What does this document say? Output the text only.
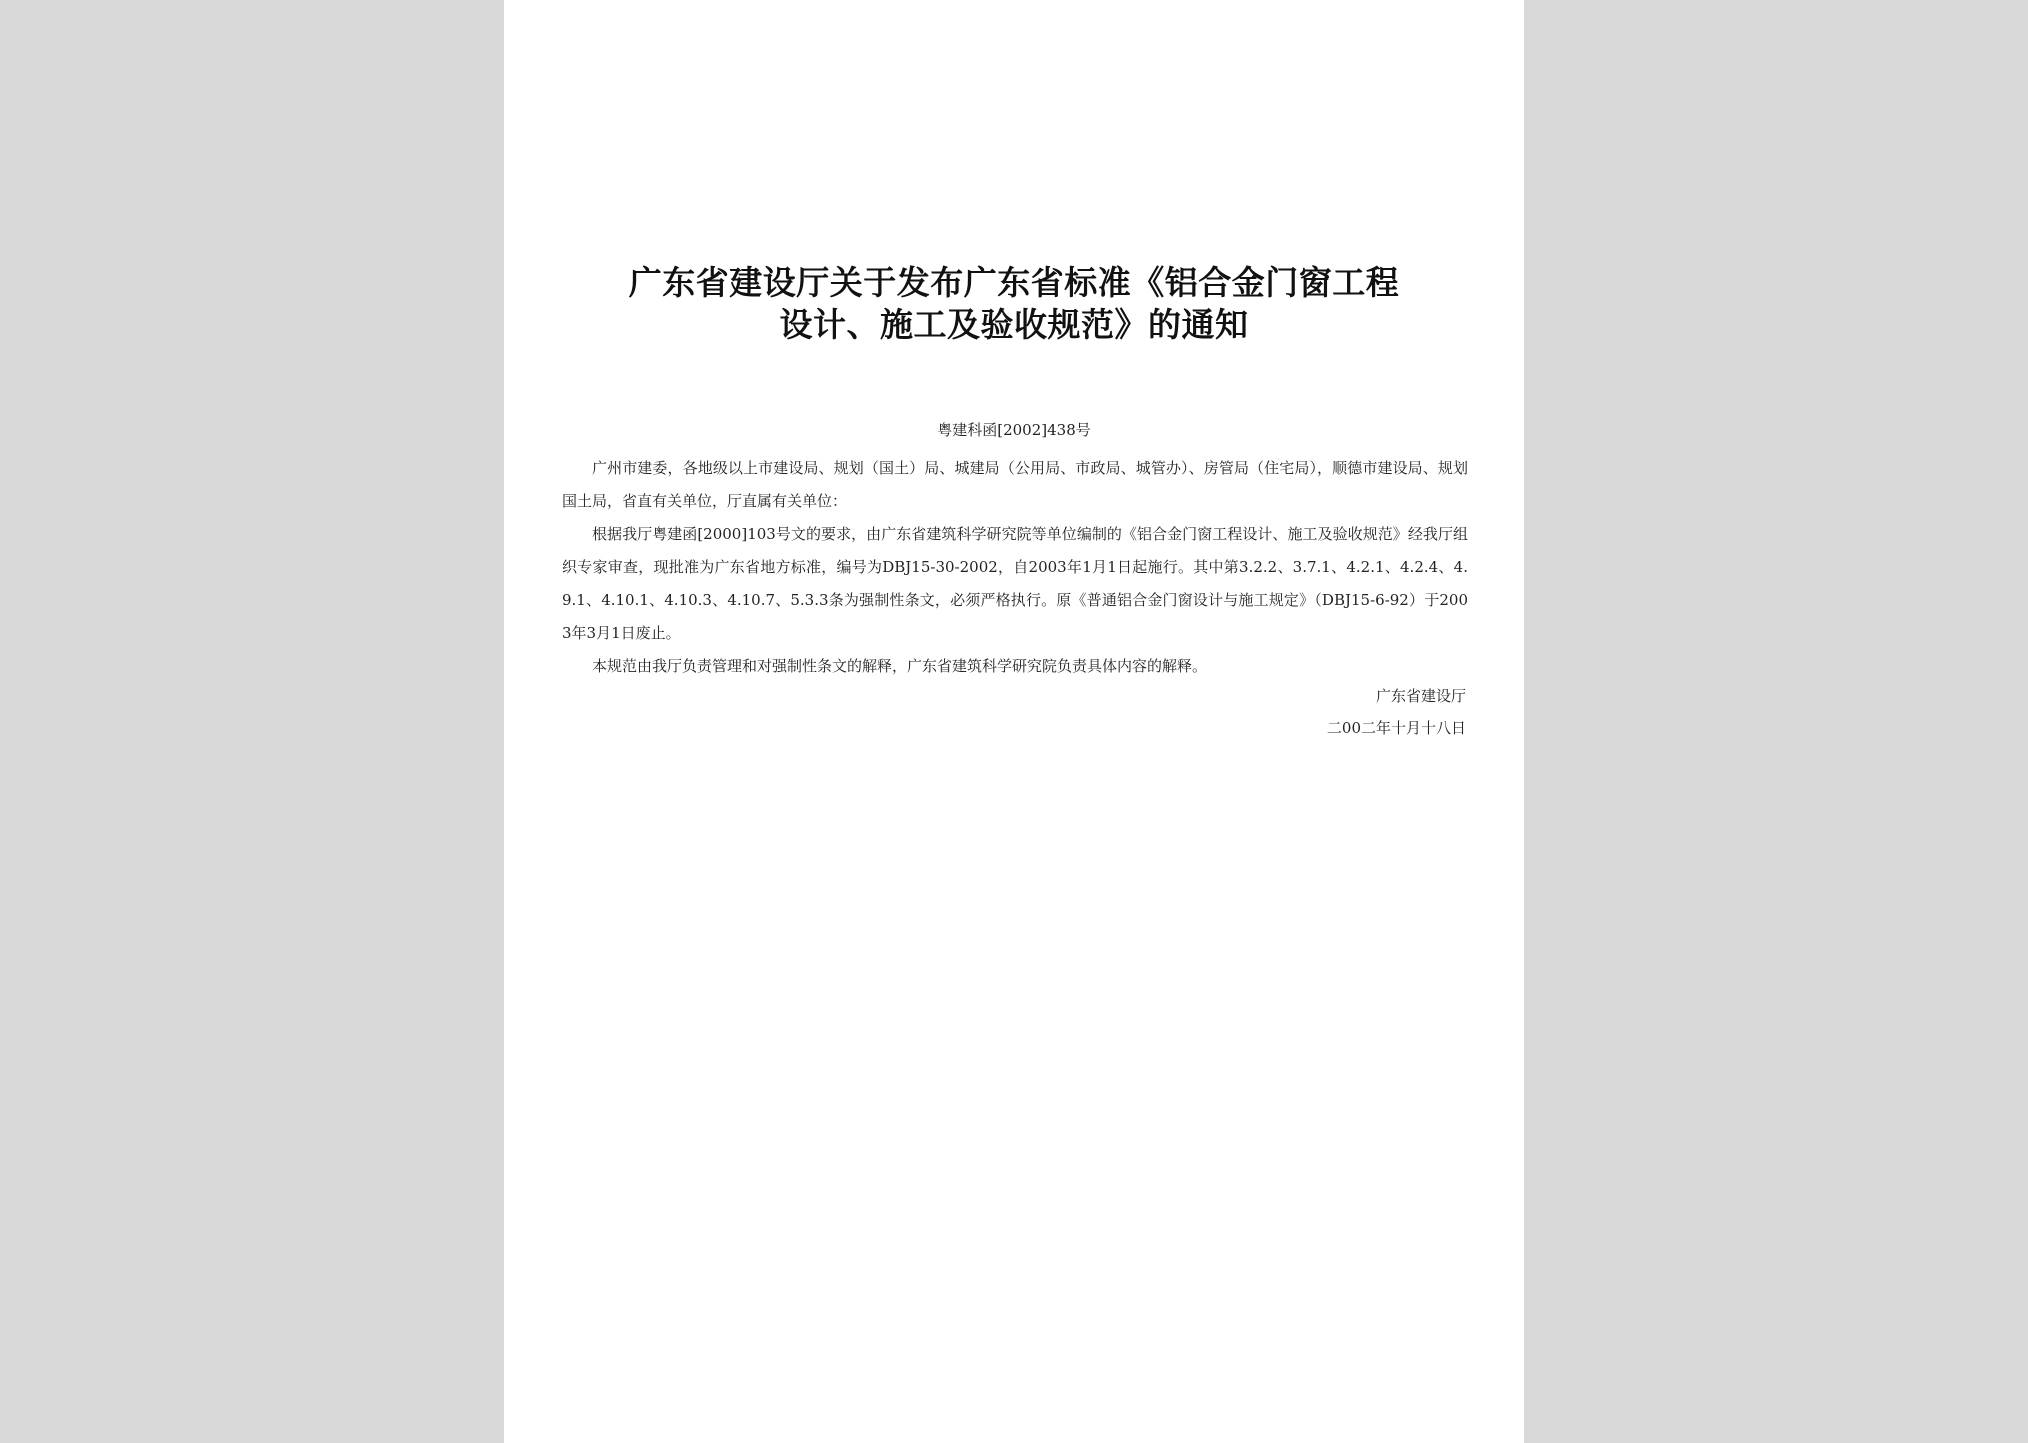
广东省建设厅关于发布广东省标准《铝合金门窗工程
设计、施工及验收规范》的通知
粤建科函[2002]438号

广州市建委，各地级以上市建设局、规划（国土）局、城建局（公用局、市政局、城管办）、房管局（住宅局），顺德市建设局、规划国土局，省直有关单位，厅直属有关单位：

根据我厅粤建函[2000]103号文的要求，由广东省建筑科学研究院等单位编制的《铝合金门窗工程设计、施工及验收规范》经我厅组织专家审查，现批准为广东省地方标准，编号为DBJ15-30-2002，自2003年1月1日起施行。其中第3.2.2、3.7.1、4.2.1、4.2.4、4.9.1、4.10.1、4.10.3、4.10.7、5.3.3条为强制性条文，必须严格执行。原《普通铝合金门窗设计与施工规定》（DBJ15-6-92）于2003年3月1日废止。

本规范由我厅负责管理和对强制性条文的解释，广东省建筑科学研究院负责具体内容的解释。

广东省建设厅
二00二年十月十八日
